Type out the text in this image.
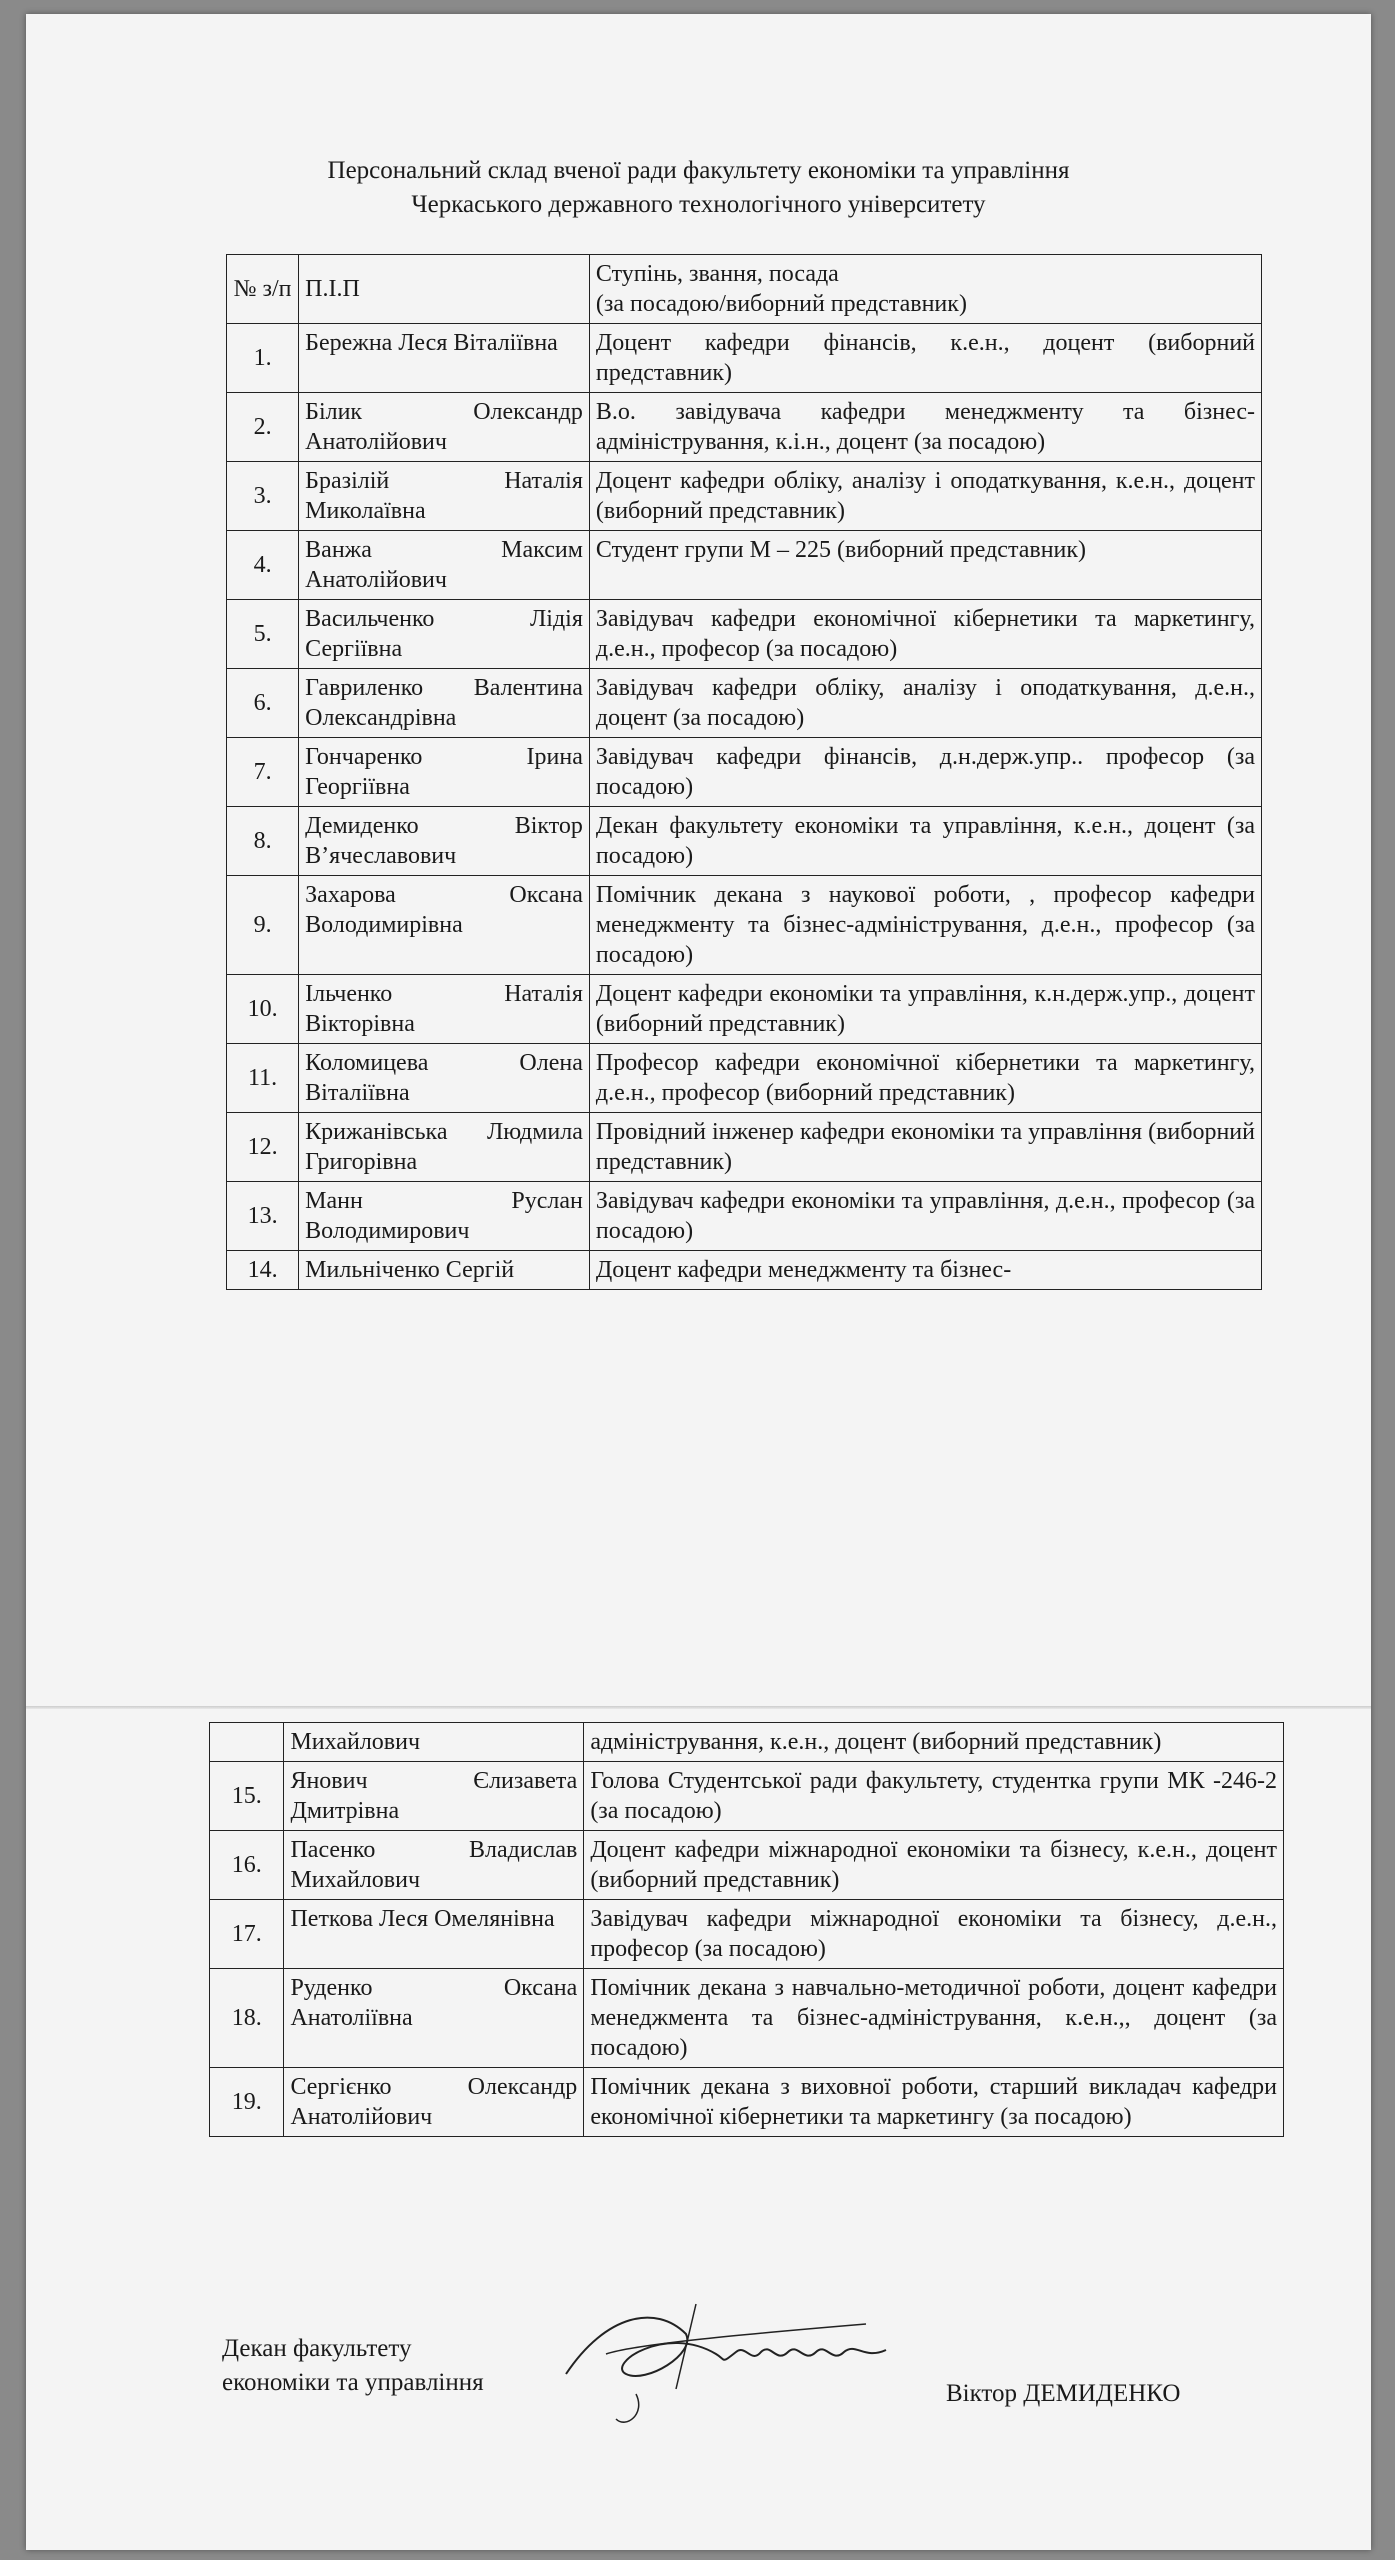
Персональний склад вченої ради факультету економіки та управління
Черкаського державного технологічного університету
№ з/п	П.І.П	Ступінь, звання, посада
(за посадою/виборний представник)

1.	Бережна Леся Віталіївна	Доцент кафедри фінансів, к.е.н., доцент (виборний представник)
2.	Білик Олександр Анатолійович	В.о. завідувача кафедри менеджменту та бізнес-адміністрування, к.і.н., доцент (за посадою)
3.	Бразілій Наталія Миколаївна	Доцент кафедри обліку, аналізу і оподаткування, к.е.н., доцент (виборний представник)
4.	Ванжа Максим Анатолійович	Студент групи М – 225 (виборний представник)
5.	Васильченко Лідія Сергіївна	Завідувач кафедри економічної кібернетики та маркетингу, д.е.н., професор (за посадою)
6.	Гавриленко Валентина Олександрівна	Завідувач кафедри обліку, аналізу і оподаткування, д.е.н., доцент (за посадою)
7.	Гончаренко Ірина Георгіївна	Завідувач кафедри фінансів, д.н.держ.упр.. професор (за посадою)
8.	Демиденко Віктор В’ячеславович	Декан факультету економіки та управління, к.е.н., доцент (за посадою)
9.	Захарова Оксана Володимирівна	Помічник декана з наукової роботи, , професор кафедри менеджменту та бізнес-адміністрування, д.е.н., професор (за посадою)
10.	Ільченко Наталія Вікторівна	Доцент кафедри економіки та управління, к.н.держ.упр., доцент (виборний представник)
11.	Коломицева Олена Віталіївна	Професор кафедри економічної кібернетики та маркетингу, д.е.н., професор (виборний представник)
12.	Крижанівська Людмила Григорівна	Провідний інженер кафедри економіки та управління (виборний представник)
13.	Манн Руслан Володимирович	Завідувач кафедри економіки та управління, д.е.н., професор (за посадою)
14.	Мильніченко Сергій	Доцент кафедри менеджменту та бізнес-
	Михайлович	адміністрування, к.е.н., доцент (виборний представник)
15.	Янович Єлизавета Дмитрівна	Голова Студентської ради факультету, студентка групи МК -246-2 (за посадою)
16.	Пасенко Владислав Михайлович	Доцент кафедри міжнародної економіки та бізнесу, к.е.н., доцент (виборний представник)
17.	Петкова Леся Омелянівна	Завідувач кафедри міжнародної економіки та бізнесу, д.е.н., професор (за посадою)
18.	Руденко Оксана Анатоліївна	Помічник декана з навчально-методичної роботи, доцент кафедри менеджмента та бізнес-адміністрування, к.е.н.,, доцент (за посадою)
19.	Сергієнко Олександр Анатолійович	Помічник декана з виховної роботи, старший викладач кафедри економічної кібернетики та маркетингу (за посадою)
Декан факультету
економіки та управління	Віктор ДЕМИДЕНКО
